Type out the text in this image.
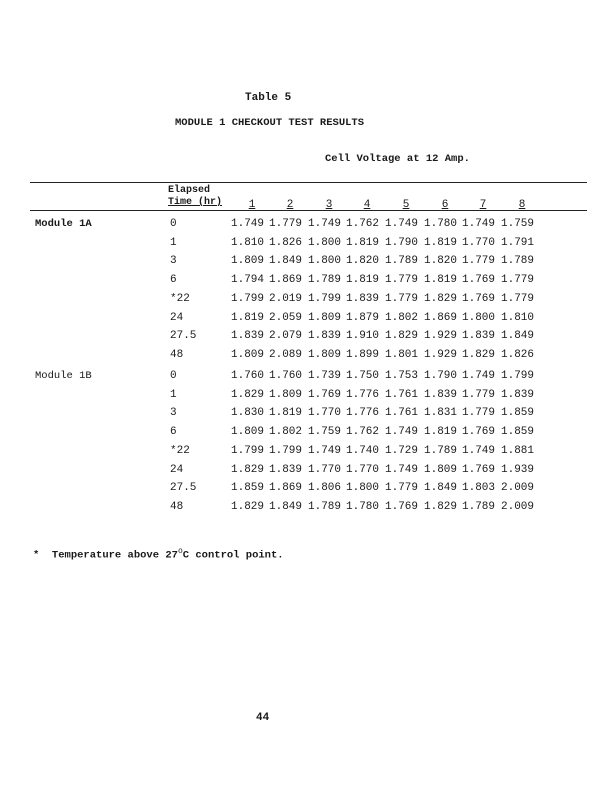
Table 5
MODULE 1 CHECKOUT TEST RESULTS
Cell Voltage at 12 Amp.
Elapsed
Time (hr)	1	2	3	4	5	6	7	8
Module 1A	0	1.749 1.779 1.749 1.762 1.749 1.780 1.749 1.759
1	1.810 1.826 1.800 1.819 1.790 1.819 1.770 1.791
3	1.809 1.849 1.800 1.820 1.789 1.820 1.779 1.789
6	1.794 1.869 1.789 1.819 1.779 1.819 1.769 1.779
*22	1.799 2.019 1.799 1.839 1.779 1.829 1.769 1.779
24	1.819 2.059 1.809 1.879 1.802 1.869 1.800 1.810
27.5	1.839 2.079 1.839 1.910 1.829 1.929 1.839 1.849
48	1.809 2.089 1.809 1.899 1.801 1.929 1.829 1.826
Module 1B	0	1.760 1.760 1.739 1.750 1.753 1.790 1.749 1.799
1	1.829 1.809 1.769 1.776 1.761 1.839 1.779 1.839
3	1.830 1.819 1.770 1.776 1.761 1.831 1.779 1.859
6	1.809 1.802 1.759 1.762 1.749 1.819 1.769 1.859
*22	1.799 1.799 1.749 1.740 1.729 1.789 1.749 1.881
24	1.829 1.839 1.770 1.770 1.749 1.809 1.769 1.939
27.5	1.859 1.869 1.806 1.800 1.779 1.849 1.803 2.009
48	1.829 1.849 1.789 1.780 1.769 1.829 1.789 2.009
* Temperature above 27$^o$C control point.
44
